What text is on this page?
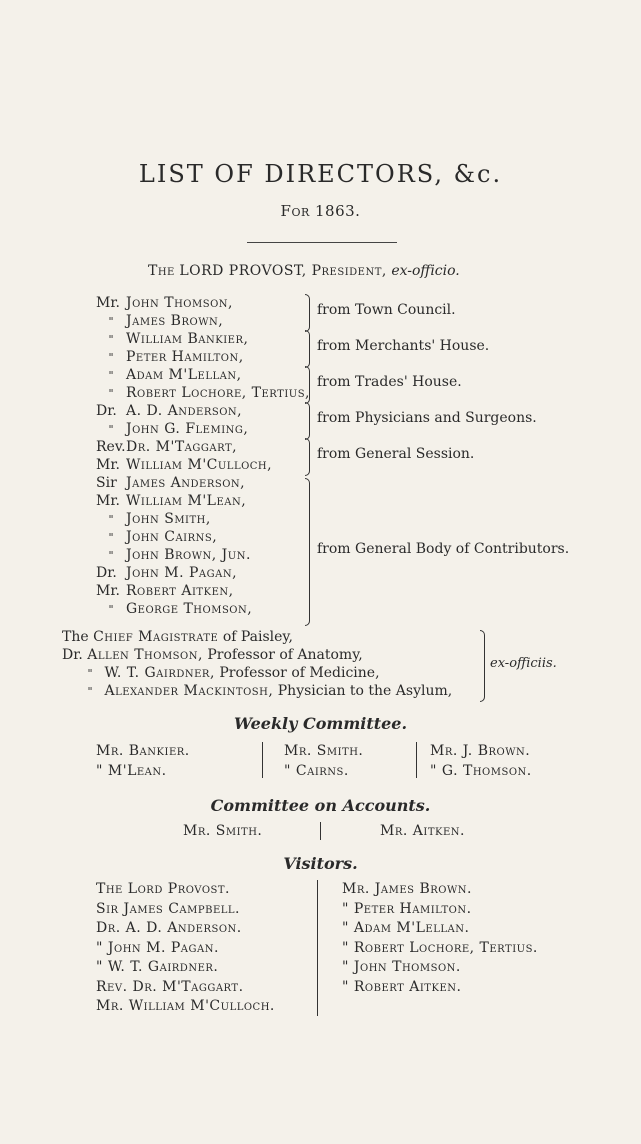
LIST OF DIRECTORS, &c.
For 1863.
The LORD PROVOST, President, ex-officio.
Mr. John Thomson,
" James Brown,
" William Bankier,
" Peter Hamilton,
" Adam M'Lellan,
" Robert Lochore, Tertius,
Dr. A. D. Anderson,
" John G. Fleming,
Rev.Dr. M'Taggart,
Mr. William M'Culloch,
Sir James Anderson,
Mr. William M'Lean,
" John Smith,
" John Cairns,
" John Brown, Jun.
Dr. John M. Pagan,
Mr. Robert Aitken,
" George Thomson,
from Town Council.
from Merchants' House.
from Trades' House.
from Physicians and Surgeons.
from General Session.
from General Body of Contributors.
The Chief Magistrate of Paisley,
Dr. Allen Thomson, Professor of Anatomy,
" W. T. Gairdner, Professor of Medicine,
" Alexander Mackintosh, Physician to the Asylum,
ex-officiis.
Weekly Committee.
Mr. Bankier.
" M'Lean.
Mr. Smith.
" Cairns.
Mr. J. Brown.
" G. Thomson.
Committee on Accounts.
Mr. Smith.	Mr. Aitken.
Visitors.
The Lord Provost.
Sir James Campbell.
Dr. A. D. Anderson.
" John M. Pagan.
" W. T. Gairdner.
Rev. Dr. M'Taggart.
Mr. William M'Culloch.
Mr. James Brown.
" Peter Hamilton.
" Adam M'Lellan.
" Robert Lochore, Tertius.
" John Thomson.
" Robert Aitken.
